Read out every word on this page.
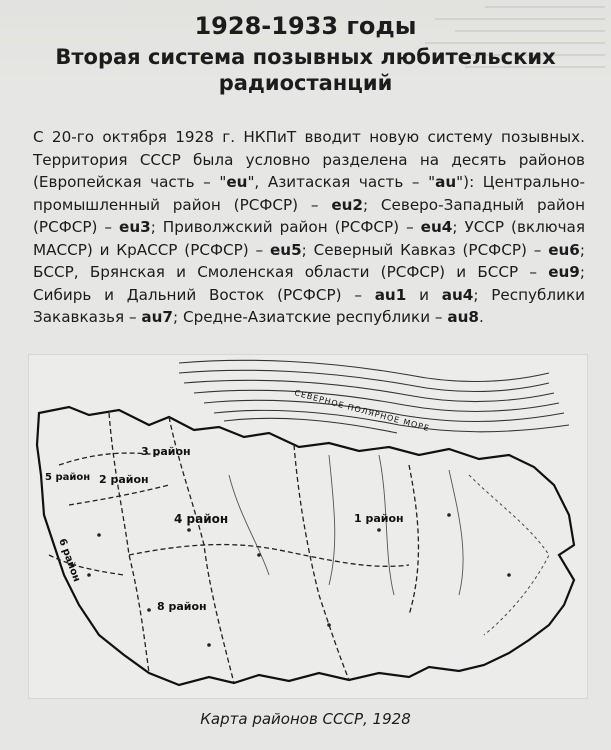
1928-1933 годы
Вторая система позывных любительских
радиостанций

С 20-го октября 1928 г. НКПиТ вводит новую систему позывных. Территория СССР была условно разделена на десять районов (Европейская часть – "eu", Азитаская часть – "au"): Центрально-промышленный район (РСФСР) – eu2; Северо-Западный район (РСФСР) – eu3; Приволжский район (РСФСР) – eu4; УССР (включая МАССР) и КрАССР (РСФСР) – eu5; Северный Кавказ (РСФСР) – eu6; БССР, Брянская и Смоленская области (РСФСР) и БССР – eu9; Сибирь и Дальний Восток (РСФСР) – au1 и au4; Республики Закавказья – au7; Средне-Азиатские республики – au8.

СЕВЕРНОЕ ПОЛЯРНОЕ МОРЕ
1 район
2 район
3 район
4 район
5 район
6 район
8 район
Карта районов СССР, 1928
